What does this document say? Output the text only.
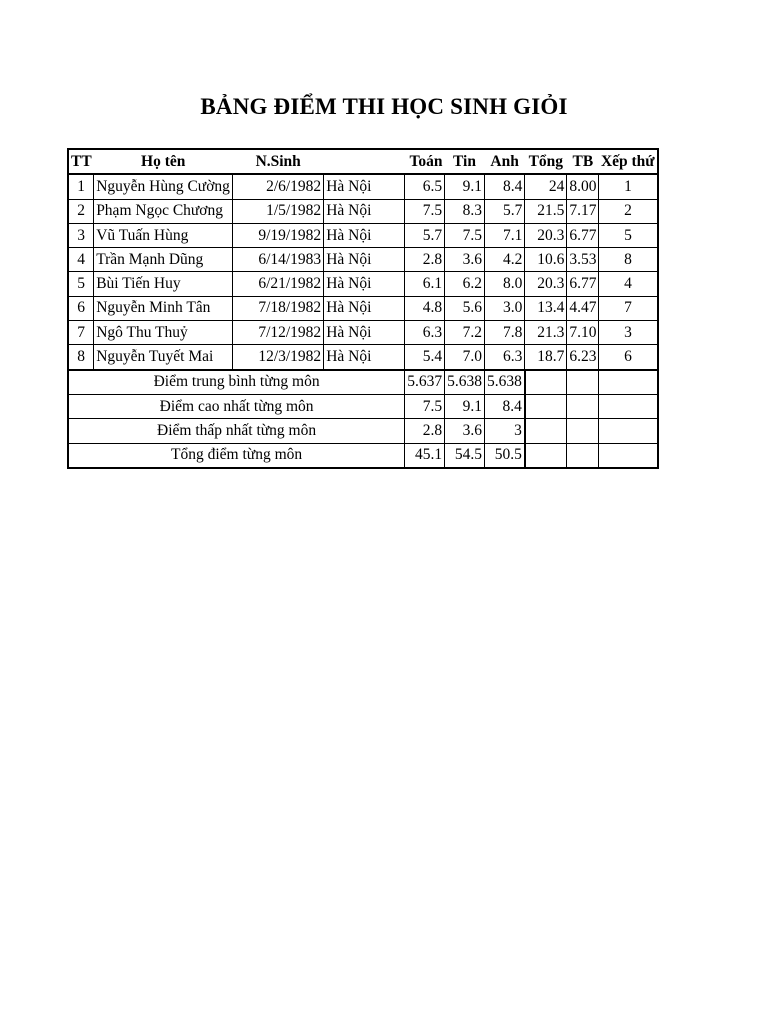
BẢNG ĐIỂM THI HỌC SINH GIỎI
TT	Họ tên	N.Sinh		Toán	Tin	Anh	Tổng	TB	Xếp thứ
1	Nguyễn Hùng Cường	2/6/1982	Hà Nội	6.5	9.1	8.4	24	8.00	1
2	Phạm Ngọc Chương	1/5/1982	Hà Nội	7.5	8.3	5.7	21.5	7.17	2
3	Vũ Tuấn Hùng	9/19/1982	Hà Nội	5.7	7.5	7.1	20.3	6.77	5
4	Trần Mạnh Dũng	6/14/1983	Hà Nội	2.8	3.6	4.2	10.6	3.53	8
5	Bùi Tiến Huy	6/21/1982	Hà Nội	6.1	6.2	8.0	20.3	6.77	4
6	Nguyễn Minh Tân	7/18/1982	Hà Nội	4.8	5.6	3.0	13.4	4.47	7
7	Ngô Thu Thuỷ	7/12/1982	Hà Nội	6.3	7.2	7.8	21.3	7.10	3
8	Nguyễn Tuyết Mai	12/3/1982	Hà Nội	5.4	7.0	6.3	18.7	6.23	6
Điểm trung bình từng môn				5.637	5.638	5.638			
Điểm cao nhất từng môn				7.5	9.1	8.4			
Điểm thấp nhất từng môn				2.8	3.6	3			
Tổng điểm từng môn				45.1	54.5	50.5			
